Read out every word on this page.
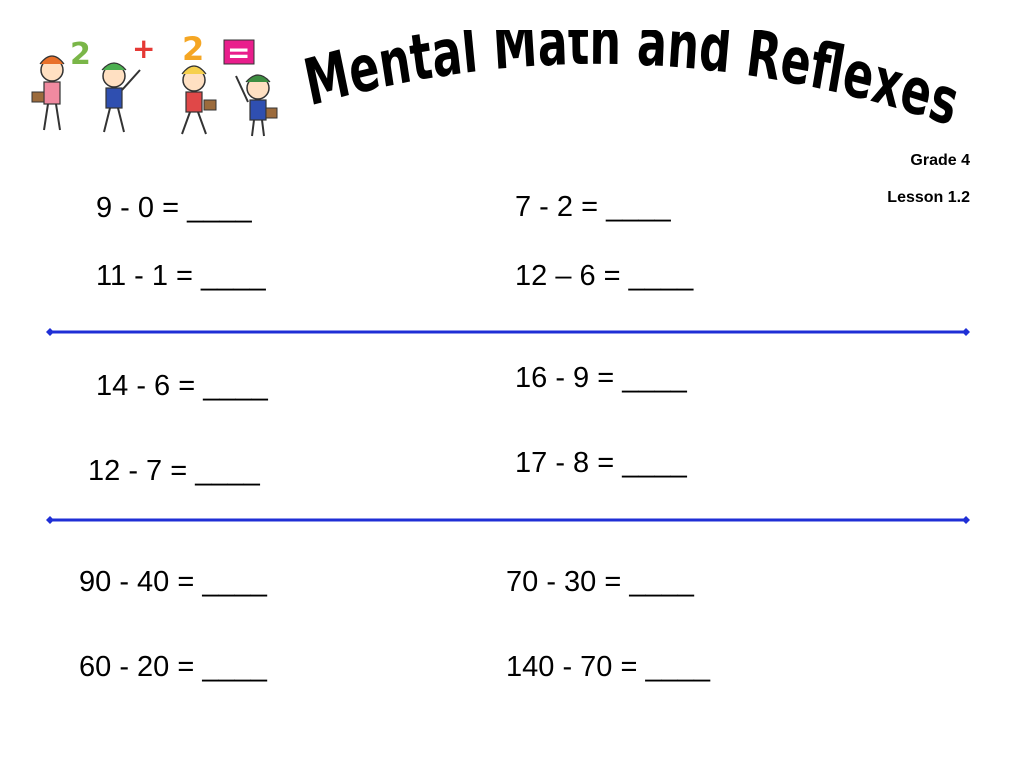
2 + 2 = Mental Math and Reflexes
Grade 4
Lesson 1.2
9 - 0 = ____	7 - 2 = ____
11 - 1 = ____	12 – 6 = ____
14 - 6 = ____	16 - 9 = ____
12 - 7 = ____	17 - 8 = ____
90 - 40 = ____	70 - 30 = ____
60 - 20 = ____	140 - 70 = ____
